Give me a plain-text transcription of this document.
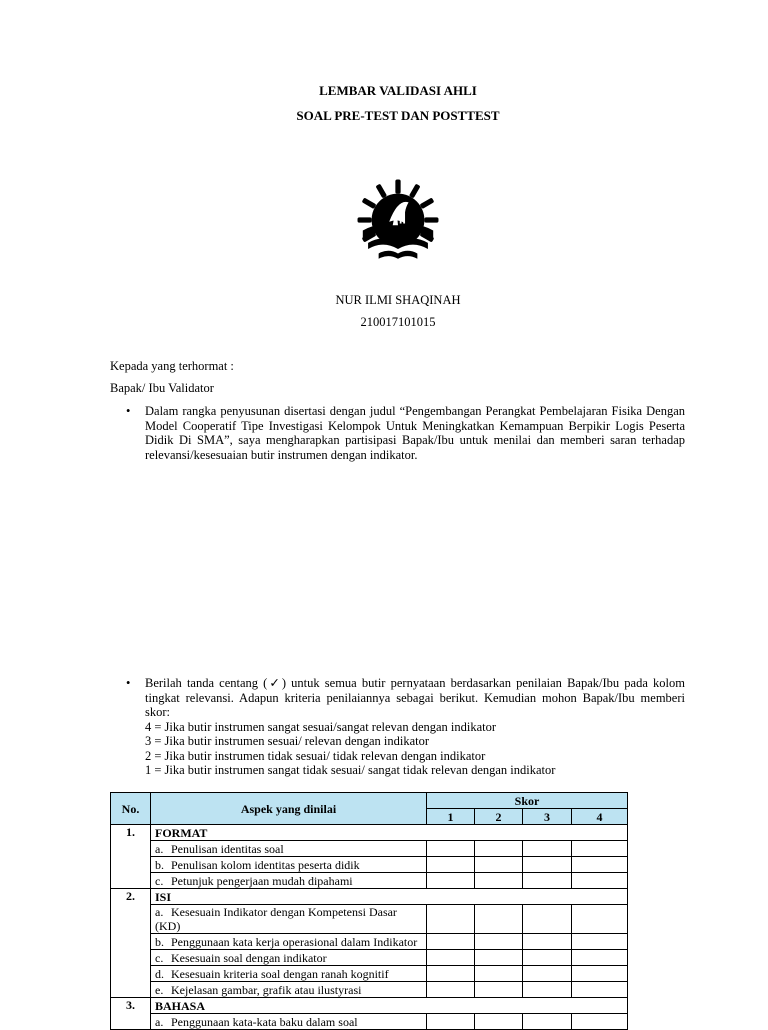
LEMBAR VALIDASI AHLI
SOAL PRE-TEST DAN POSTTEST
NUR ILMI SHAQINAH
210017101015
Kepada yang terhormat :
Bapak/ Ibu Validator
• Dalam rangka penyusunan disertasi dengan judul “Pengembangan Perangkat Pembelajaran Fisika Dengan Model Cooperatif Tipe Investigasi Kelompok Untuk Meningkatkan Kemampuan Berpikir Logis Peserta Didik Di SMA”, saya mengharapkan partisipasi Bapak/Ibu untuk menilai dan memberi saran terhadap relevansi/kesesuaian butir instrumen dengan indikator.
• Berilah tanda centang (✓) untuk semua butir pernyataan berdasarkan penilaian Bapak/Ibu pada kolom tingkat relevansi. Adapun kriteria penilaiannya sebagai berikut. Kemudian mohon Bapak/Ibu memberi skor:
4 = Jika butir instrumen sangat sesuai/sangat relevan dengan indikator
3 = Jika butir instrumen sesuai/ relevan dengan indikator
2 = Jika butir instrumen tidak sesuai/ tidak relevan dengan indikator
1 = Jika butir instrumen sangat tidak sesuai/ sangat tidak relevan dengan indikator
No.	Aspek yang dinilai	Skor			
		1	2	3	4
1.	FORMAT				
	a. Penulisan identitas soal				
	b. Penulisan kolom identitas peserta didik				
	c. Petunjuk pengerjaan mudah dipahami				
2.	ISI				
	a. Kesesuain Indikator dengan Kompetensi Dasar (KD)				
	b. Penggunaan kata kerja operasional dalam Indikator				
	c. Kesesuain soal dengan indikator				
	d. Kesesuain kriteria soal dengan ranah kognitif				
	e. Kejelasan gambar, grafik atau ilustyrasi				
3.	BAHASA				
	a. Penggunaan kata-kata baku dalam soal				
